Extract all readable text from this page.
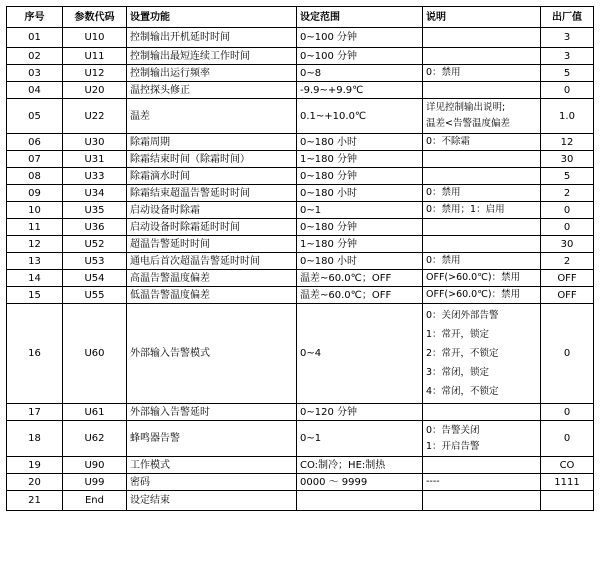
序号	参数代码	设置功能	设定范围	说明	出厂值
01	U10	控制输出开机延时时间	0~100 分钟		3
02	U11	控制输出最短连续工作时间	0~100 分钟		3
03	U12	控制输出运行频率	0~8	0：禁用	5
04	U20	温控探头修正	-9.9~+9.9℃		0
05	U22	温差	0.1~+10.0℃	详见控制输出说明;
温差<告警温度偏差	1.0
06	U30	除霜周期	0~180 小时	0：不除霜	12
07	U31	除霜结束时间（除霜时间）	1~180 分钟		30
08	U33	除霜滴水时间	0~180 分钟		5
09	U34	除霜结束超温告警延时时间	0~180 小时	0：禁用	2
10	U35	启动设备时除霜	0~1	0：禁用；1：启用	0
11	U36	启动设备时除霜延时时间	0~180 分钟		0
12	U52	超温告警延时时间	1~180 分钟		30
13	U53	通电后首次超温告警延时时间	0~180 小时	0：禁用	2
14	U54	高温告警温度偏差	温差~60.0℃；OFF	OFF(>60.0℃)：禁用	OFF
15	U55	低温告警温度偏差	温差~60.0℃；OFF	OFF(>60.0℃)：禁用	OFF
16	U60	外部输入告警模式	0~4	0：关闭外部告警
1：常开，锁定
2：常开，不锁定
3：常闭，锁定
4：常闭，不锁定	0
17	U61	外部输入告警延时	0~120 分钟		0
18	U62	蜂鸣器告警	0~1	0：告警关闭
1：开启告警	0
19	U90	工作模式	CO:制冷；HE:制热		CO
20	U99	密码	0000 ～ 9999	----	1111
21	End	设定结束			
